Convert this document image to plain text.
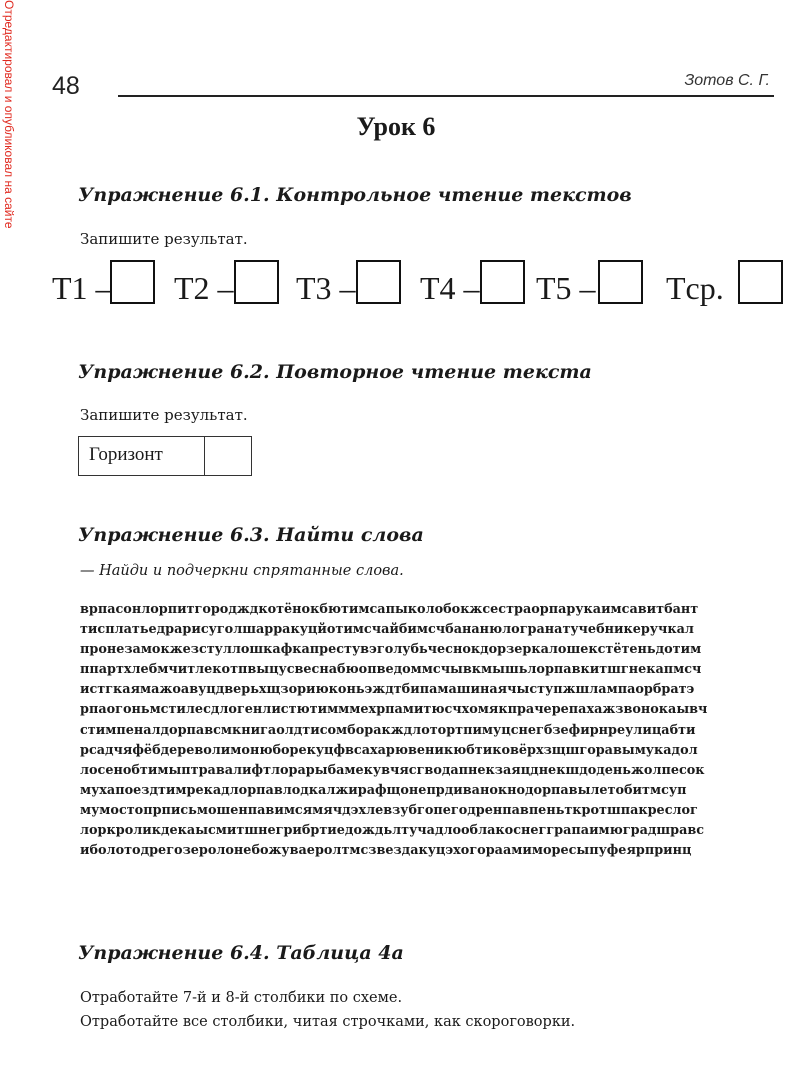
Отредактировал и опубликовал на сайте 48	Зотов С. Г.
Урок 6
Упражнение 6.1. Контрольное чтение текстов
Запишите результат.
T1 – T2 – T3 – T4 – T5 – Tср.
Упражнение 6.2. Повторное чтение текста
Запишите результат.
Горизонт
Упражнение 6.3. Найти слова
— Найди и подчеркни спрятанные слова.
врпасонлорпитгородждкотёнокбютимсапыколобокжсестраорпарукаимсавитбант
тисплатьедрарисуголшарракуцйотимсчайбимсчбананюлогранатучебникеручкал
пронезамокжезстуллошкафкапрестувэголубьчеснокдорзеркалошекстётеньдотим
ппартхлебмчитлекотпвыцусвеснабюопведоммсчывкмышьлорпавкитшгнекапмсч
истгкаямажоавуцдверьхщзориюконьэждтбипамашинаячыступжшлампаорбратэ
рпаогоньмстилесдлогенлистютимммехрпамитюсчхомякпрачерепахажзвонокаывч
стимпеналдорпавсмкнигаолдтисомборакждлотортпимуцснегбзефирнреулицабти
рсадчяфёбдереволимонюборекуцфвсахарювеникюбтиковёрхзщшгоравымукадол
лосенобтимыптравалифтлорарыбамекувчясгводапнекзаяцднекшдоденьжолпесок
мухапоездтимрекадлорпавлодкалжирафщонепрдиванокнодорпавылетобитмсуп
мумостопрписьмошенпавимсямячдэхлевзубгопегодренпавпеньткротшпакреслог
лоркроликдекаысмитшнегрибртиедождьлтучадлооблакоснегграпаимюградшравс
иболотодрегозеролонебожуваеролтмсзвездакуцэхогораамиморесыпуфеярпринц
Упражнение 6.4. Таблица 4а
Отработайте 7-й и 8-й столбики по схеме.
Отработайте все столбики, читая строчками, как скороговорки.
